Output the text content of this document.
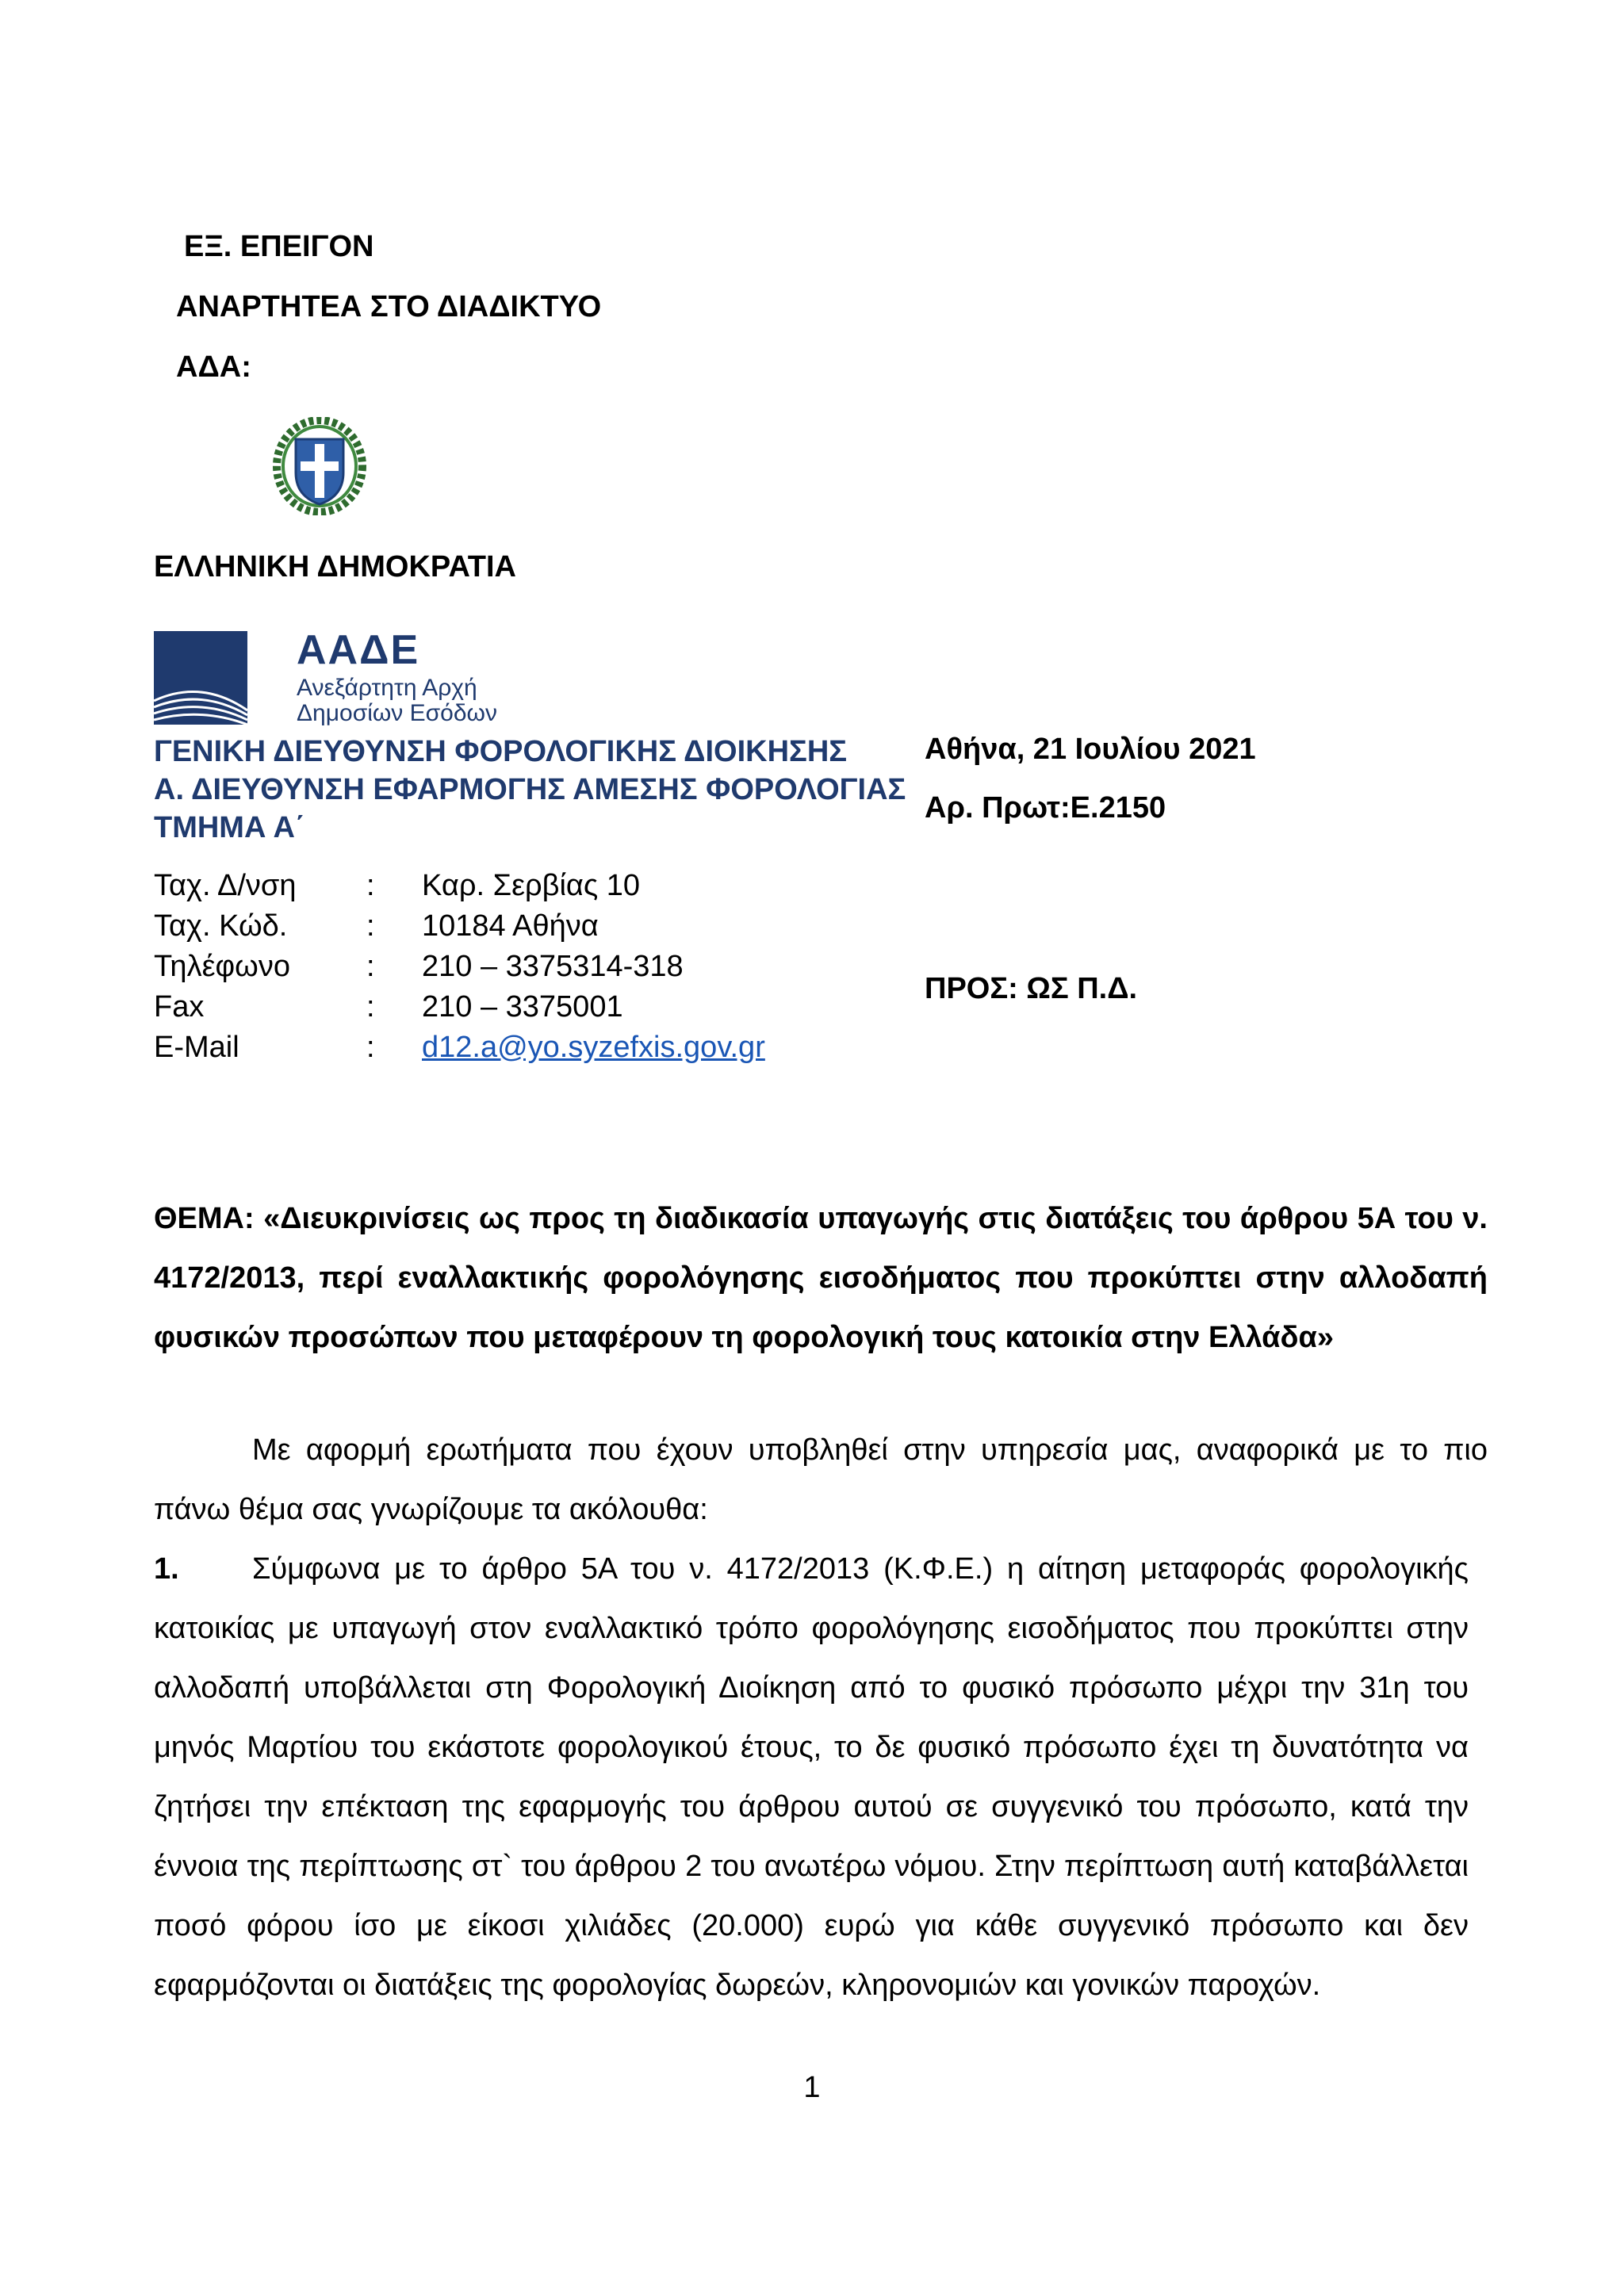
ΕΞ. ΕΠΕΙΓΟΝ
ΑΝΑΡΤΗΤΕΑ ΣΤΟ ΔΙΑΔΙΚΤΥΟ
ΑΔΑ:
ΕΛΛΗΝΙΚΗ ΔΗΜΟΚΡΑΤΙΑ
ΑΑΔΕ
Ανεξάρτητη Αρχή
Δημοσίων Εσόδων
ΓΕΝΙΚΗ ΔΙΕΥΘΥΝΣΗ ΦΟΡΟΛΟΓΙΚΗΣ ΔΙΟΙΚΗΣΗΣ
Α. ΔΙΕΥΘΥΝΣΗ ΕΦΑΡΜΟΓΗΣ ΑΜΕΣΗΣ ΦΟΡΟΛΟΓΙΑΣ
ΤΜΗΜΑ Α΄
Ταχ. Δ/νση	:	Καρ. Σερβίας 10
Ταχ. Κώδ.	:	10184 Αθήνα
Τηλέφωνο	:	210 – 3375314-318
Fax	:	210 – 3375001
E-Mail	:	d12.a@yo.syzefxis.gov.gr
Αθήνα, 21 Ιουλίου 2021
Αρ. Πρωτ:Ε.2150
ΠΡΟΣ: ΩΣ Π.Δ.
ΘΕΜΑ: «Διευκρινίσεις ως προς τη διαδικασία υπαγωγής στις διατάξεις του άρθρου 5Α του ν. 4172/2013, περί εναλλακτικής φορολόγησης εισοδήματος που προκύπτει στην αλλοδαπή φυσικών προσώπων που μεταφέρουν τη φορολογική τους κατοικία στην Ελλάδα»
Με αφορμή ερωτήματα που έχουν υποβληθεί στην υπηρεσία μας, αναφορικά με το πιο πάνω θέμα σας γνωρίζουμε τα ακόλουθα:
1. Σύμφωνα με το άρθρο 5Α του ν. 4172/2013 (Κ.Φ.Ε.) η αίτηση μεταφοράς φορολογικής κατοικίας με υπαγωγή στον εναλλακτικό τρόπο φορολόγησης εισοδήματος που προκύπτει στην αλλοδαπή υποβάλλεται στη Φορολογική Διοίκηση από το φυσικό πρόσωπο μέχρι την 31η του μηνός Μαρτίου του εκάστοτε φορολογικού έτους, το δε φυσικό πρόσωπο έχει τη δυνατότητα να ζητήσει την επέκταση της εφαρμογής του άρθρου αυτού σε συγγενικό του πρόσωπο, κατά την έννοια της περίπτωσης στ` του άρθρου 2 του ανωτέρω νόμου. Στην περίπτωση αυτή καταβάλλεται ποσό φόρου ίσο με είκοσι χιλιάδες (20.000) ευρώ για κάθε συγγενικό πρόσωπο και δεν εφαρμόζονται οι διατάξεις της φορολογίας δωρεών, κληρονομιών και γονικών παροχών.
1
